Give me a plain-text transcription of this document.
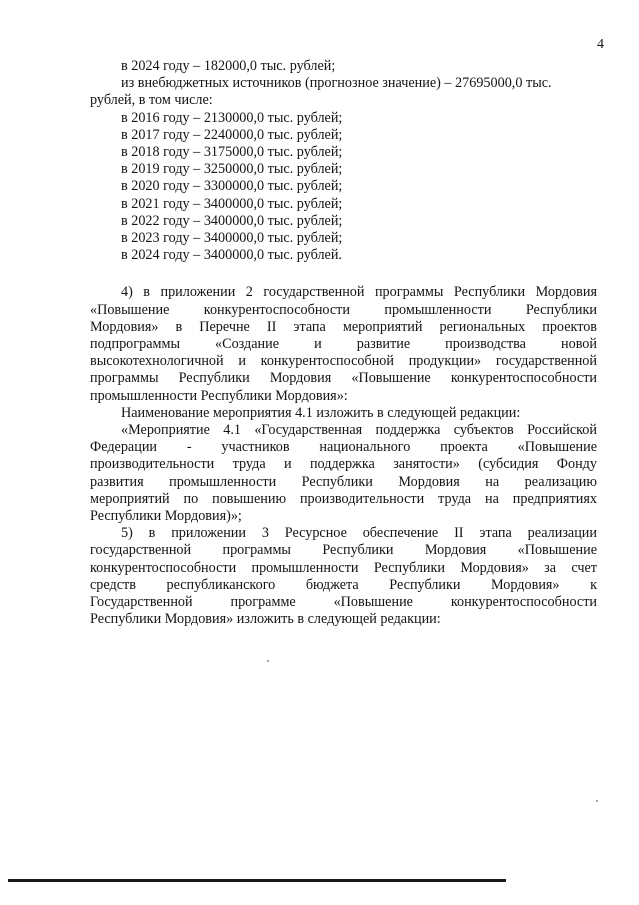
4
в 2024 году – 182000,0 тыс. рублей;
из внебюджетных источников (прогнозное значение) – 27695000,0 тыс.
рублей, в том числе:
в 2016 году – 2130000,0 тыс. рублей;
в 2017 году – 2240000,0 тыс. рублей;
в 2018 году – 3175000,0 тыс. рублей;
в 2019 году – 3250000,0 тыс. рублей;
в 2020 году – 3300000,0 тыс. рублей;
в 2021 году – 3400000,0 тыс. рублей;
в 2022 году – 3400000,0 тыс. рублей;
в 2023 году – 3400000,0 тыс. рублей;
в 2024 году – 3400000,0 тыс. рублей.
4) в приложении 2 государственной программы Республики Мордовия
«Повышение конкурентоспособности промышленности Республики
Мордовия» в Перечне II этапа мероприятий региональных проектов
подпрограммы «Создание и развитие производства новой
высокотехнологичной и конкурентоспособной продукции» государственной
программы Республики Мордовия «Повышение конкурентоспособности
промышленности Республики Мордовия»:
Наименование мероприятия 4.1 изложить в следующей редакции:
«Мероприятие 4.1 «Государственная поддержка субъектов Российской
Федерации - участников национального проекта «Повышение
производительности труда и поддержка занятости» (субсидия Фонду
развития промышленности Республики Мордовия на реализацию
мероприятий по повышению производительности труда на предприятиях
Республики Мордовия)»;
5) в приложении 3 Ресурсное обеспечение II этапа реализации
государственной программы Республики Мордовия «Повышение
конкурентоспособности промышленности Республики Мордовия» за счет
средств республиканского бюджета Республики Мордовия» к
Государственной программе «Повышение конкурентоспособности
Республики Мордовия» изложить в следующей редакции:
